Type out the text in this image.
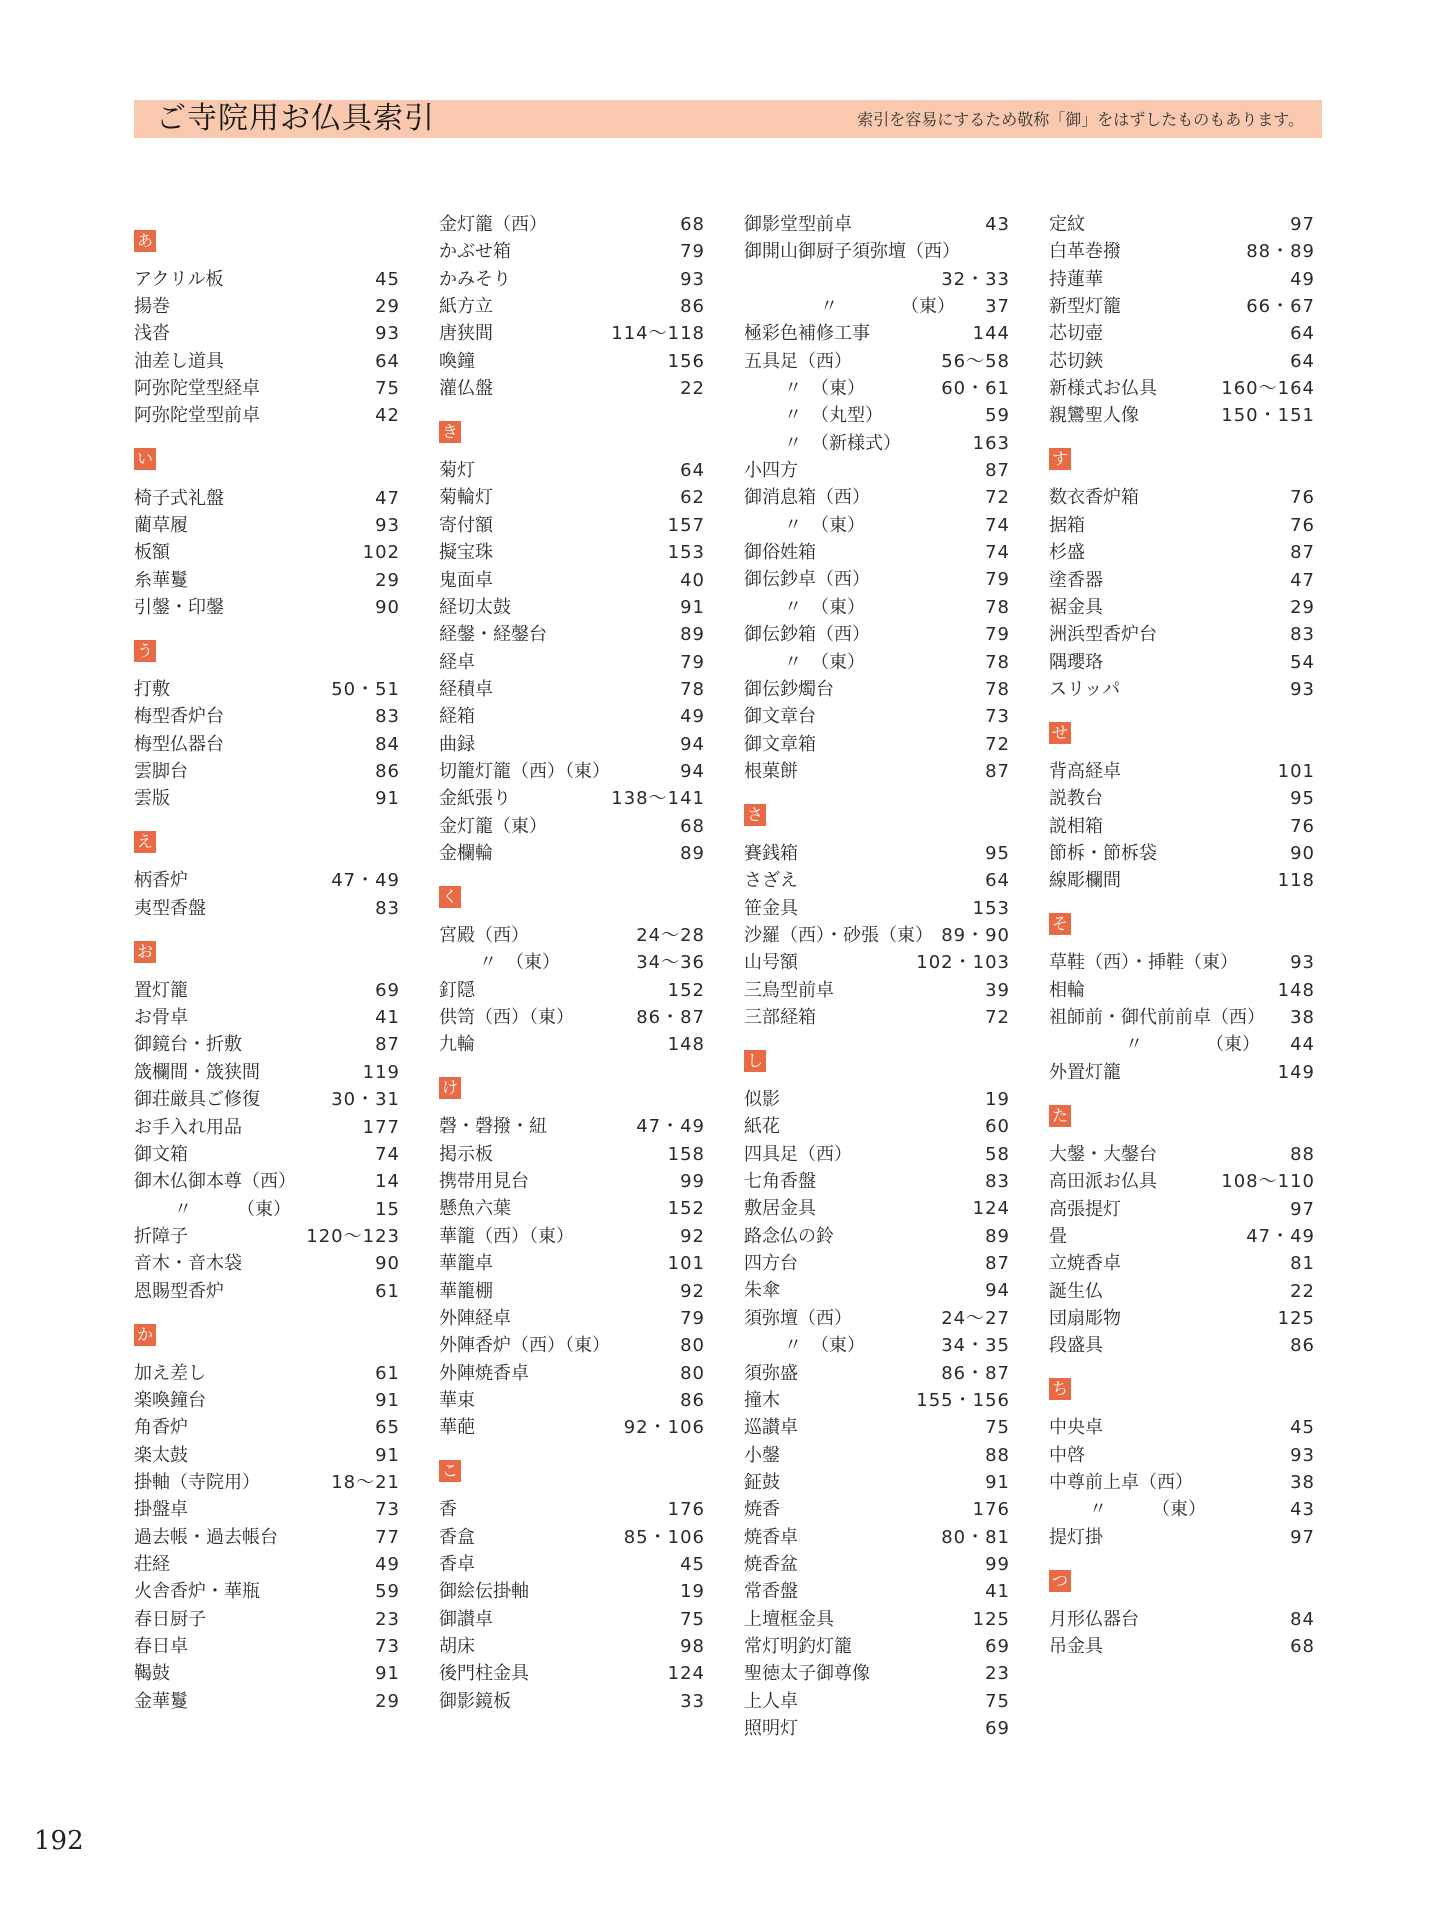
ご寺院用お仏具索引	索引を容易にするため敬称「御」をはずしたものもあります。
あ
アクリル板	45
揚巻	29
浅沓	93
油差し道具	64
阿弥陀堂型経卓	75
阿弥陀堂型前卓	42
い
椅子式礼盤	47
藺草履	93
板額	102
糸華鬘	29
引鏧・印鏧	90
う
打敷	50・51
梅型香炉台	83
梅型仏器台	84
雲脚台	86
雲版	91
え
柄香炉	47・49
夷型香盤	83
お
置灯籠	69
お骨卓	41
御鏡台・折敷	87
筬欄間・筬狭間	119
御荘厳具ご修復	30・31
お手入れ用品	177
御文箱	74
御木仏御本尊（西）	14
〃　　　（東）	15
折障子	120～123
音木・音木袋	90
恩賜型香炉	61
か
加え差し	61
楽喚鐘台	91
角香炉	65
楽太鼓	91
掛軸（寺院用）	18～21
掛盤卓	73
過去帳・過去帳台	77
荘経	49
火舎香炉・華瓶	59
春日厨子	23
春日卓	73
鞨鼓	91
金華鬘	29
金灯籠（西）	68
かぶせ箱	79
かみそり	93
紙方立	86
唐狭間	114～118
喚鐘	156
灌仏盤	22
き
菊灯	64
菊輪灯	62
寄付額	157
擬宝珠	153
鬼面卓	40
経切太鼓	91
経鏧・経鏧台	89
経卓	79
経積卓	78
経箱	49
曲録	94
切籠灯籠（西）（東）	94
金紙張り	138～141
金灯籠（東）	68
金欄輪	89
く
宮殿（西）	24～28
〃　（東）	34～36
釘隠	152
供笥（西）（東）	86・87
九輪	148
け
磬・磬撥・紐	47・49
掲示板	158
携帯用見台	99
懸魚六葉	152
華籠（西）（東）	92
華籠卓	101
華籠棚	92
外陣経卓	79
外陣香炉（西）（東）	80
外陣焼香卓	80
華束	86
華葩	92・106
こ
香	176
香盒	85・106
香卓	45
御絵伝掛軸	19
御讃卓	75
胡床	98
後門柱金具	124
御影鏡板	33
御影堂型前卓	43
御開山御厨子須弥壇（西）
32・33
　　〃　　　　（東） 37
極彩色補修工事	144
五具足（西）	56～58
〃　（東）	60・61
〃　（丸型）	59
〃　（新様式）	163
小四方	87
御消息箱（西）	72
〃　（東）	74
御俗姓箱	74
御伝鈔卓（西）	79
〃　（東）	78
御伝鈔箱（西）	79
〃　（東）	78
御伝鈔燭台	78
御文章台	73
御文章箱	72
根菓餅	87
さ
賽銭箱	95
さざえ	64
笹金具	153
沙羅（西）・砂張（東） 89・90
山号額	102・103
三鳥型前卓	39
三部経箱	72
し
似影	19
紙花	60
四具足（西）	58
七角香盤	83
敷居金具	124
路念仏の鈴	89
四方台	87
朱傘	94
須弥壇（西）	24～27
〃　（東）	34・35
須弥盛	86・87
撞木	155・156
巡讃卓	75
小鏧	88
鉦鼓	91
焼香	176
焼香卓	80・81
焼香盆	99
常香盤	41
上壇框金具	125
常灯明釣灯籠	69
聖徳太子御尊像	23
上人卓	75
照明灯	69
定紋	97
白革巻撥	88・89
持蓮華	49
新型灯籠	66・67
芯切壺	64
芯切鋏	64
新様式お仏具	160～164
親鸞聖人像	150・151
す
数衣香炉箱	76
据箱	76
杉盛	87
塗香器	47
裾金具	29
洲浜型香炉台	83
隅瓔珞	54
スリッパ	93
せ
背高経卓	101
説教台	95
説相箱	76
節柝・節柝袋	90
線彫欄間	118
そ
草鞋（西）・挿鞋（東）	93
相輪	148
祖師前・御代前前卓（西） 38
　　〃　　　　（東） 44
外置灯籠	149
た
大鏧・大鏧台	88
高田派お仏具	108～110
高張提灯	97
畳	47・49
立焼香卓	81
誕生仏	22
団扇彫物	125
段盛具	86
ち
中央卓	45
中啓	93
中尊前上卓（西）	38
〃　　　（東）	43
提灯掛	97
つ
月形仏器台	84
吊金具	68
192
